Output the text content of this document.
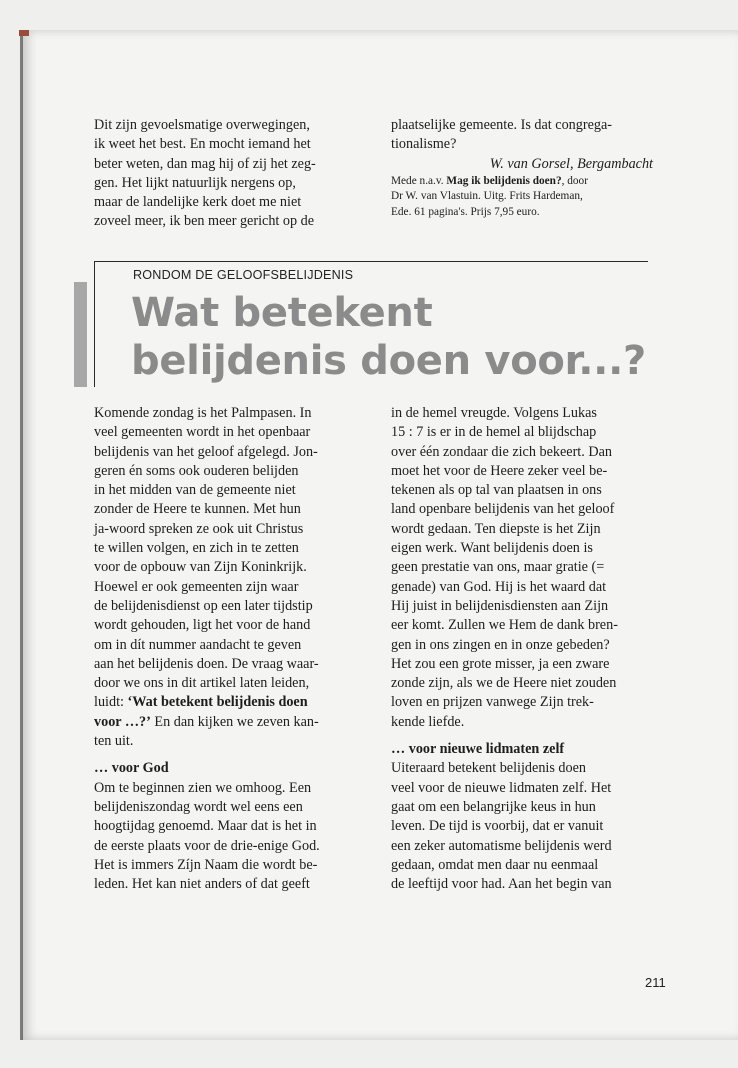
Dit zijn gevoelsmatige overwegingen,
ik weet het best. En mocht iemand het
beter weten, dan mag hij of zij het zeg-
gen. Het lijkt natuurlijk nergens op,
maar de landelijke kerk doet me niet
zoveel meer, ik ben meer gericht op de

plaatselijke gemeente. Is dat congrega-
tionalisme?

W. van Gorsel, Bergambacht

Mede n.a.v. Mag ik belijdenis doen?, door
Dr W. van Vlastuin. Uitg. Frits Hardeman,
Ede. 61 pagina's. Prijs 7,95 euro.

RONDOM DE GELOOFSBELIJDENIS
Wat betekent
belijdenis doen voor...?

Komende zondag is het Palmpasen. In
veel gemeenten wordt in het openbaar
belijdenis van het geloof afgelegd. Jon-
geren én soms ook ouderen belijden
in het midden van de gemeente niet
zonder de Heere te kunnen. Met hun
ja-woord spreken ze ook uit Christus
te willen volgen, en zich in te zetten
voor de opbouw van Zijn Koninkrijk.
Hoewel er ook gemeenten zijn waar
de belijdenisdienst op een later tijdstip
wordt gehouden, ligt het voor de hand
om in dít nummer aandacht te geven
aan het belijdenis doen. De vraag waar-
door we ons in dit artikel laten leiden,
luidt: ‘Wat betekent belijdenis doen
voor …?’ En dan kijken we zeven kan-
ten uit.

… voor God

Om te beginnen zien we omhoog. Een
belijdeniszondag wordt wel eens een
hoogtijdag genoemd. Maar dat is het in
de eerste plaats voor de drie-enige God.
Het is immers Zíjn Naam die wordt be-
leden. Het kan niet anders of dat geeft

in de hemel vreugde. Volgens Lukas
15 : 7 is er in de hemel al blijdschap
over één zondaar die zich bekeert. Dan
moet het voor de Heere zeker veel be-
tekenen als op tal van plaatsen in ons
land openbare belijdenis van het geloof
wordt gedaan. Ten diepste is het Zijn
eigen werk. Want belijdenis doen is
geen prestatie van ons, maar gratie (=
genade) van God. Hij is het waard dat
Hij juist in belijdenisdiensten aan Zijn
eer komt. Zullen we Hem de dank bren-
gen in ons zingen en in onze gebeden?
Het zou een grote misser, ja een zware
zonde zijn, als we de Heere niet zouden
loven en prijzen vanwege Zijn trek-
kende liefde.

… voor nieuwe lidmaten zelf

Uiteraard betekent belijdenis doen
veel voor de nieuwe lidmaten zelf. Het
gaat om een belangrijke keus in hun
leven. De tijd is voorbij, dat er vanuit
een zeker automatisme belijdenis werd
gedaan, omdat men daar nu eenmaal
de leeftijd voor had. Aan het begin van

211
